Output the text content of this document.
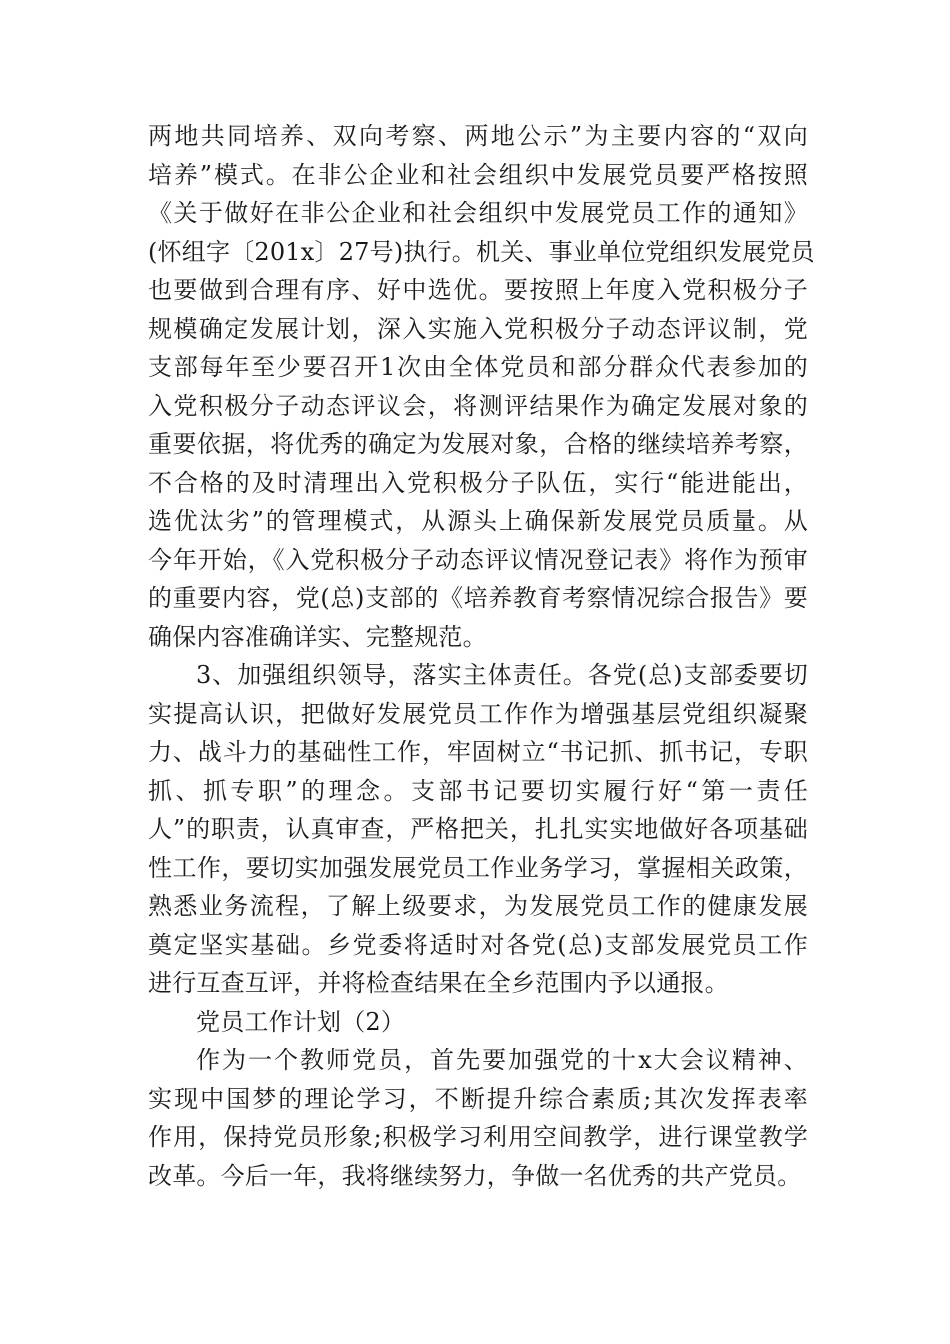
两地共同培养、双向考察、两地公示”为主要内容的“双向
培养”模式。在非公企业和社会组织中发展党员要严格按照
《关于做好在非公企业和社会组织中发展党员工作的通知》
(怀组字〔201x〕27号)执行。机关、事业单位党组织发展党员
也要做到合理有序、好中选优。要按照上年度入党积极分子
规模确定发展计划，深入实施入党积极分子动态评议制，党
支部每年至少要召开1次由全体党员和部分群众代表参加的
入党积极分子动态评议会，将测评结果作为确定发展对象的
重要依据，将优秀的确定为发展对象，合格的继续培养考察，
不合格的及时清理出入党积极分子队伍，实行“能进能出，
选优汰劣”的管理模式，从源头上确保新发展党员质量。从
今年开始，《入党积极分子动态评议情况登记表》将作为预审
的重要内容，党(总)支部的《培养教育考察情况综合报告》要
确保内容准确详实、完整规范。
3、加强组织领导，落实主体责任。各党(总)支部委要切
实提高认识，把做好发展党员工作作为增强基层党组织凝聚
力、战斗力的基础性工作，牢固树立“书记抓、抓书记，专职
抓、抓专职”的理念。支部书记要切实履行好“第一责任
人”的职责，认真审查，严格把关，扎扎实实地做好各项基础
性工作，要切实加强发展党员工作业务学习，掌握相关政策，
熟悉业务流程，了解上级要求，为发展党员工作的健康发展
奠定坚实基础。乡党委将适时对各党(总)支部发展党员工作
进行互查互评，并将检查结果在全乡范围内予以通报。
党员工作计划（2）
作为一个教师党员，首先要加强党的十x大会议精神、
实现中国梦的理论学习，不断提升综合素质;其次发挥表率
作用，保持党员形象;积极学习利用空间教学，进行课堂教学
改革。今后一年，我将继续努力，争做一名优秀的共产党员。
